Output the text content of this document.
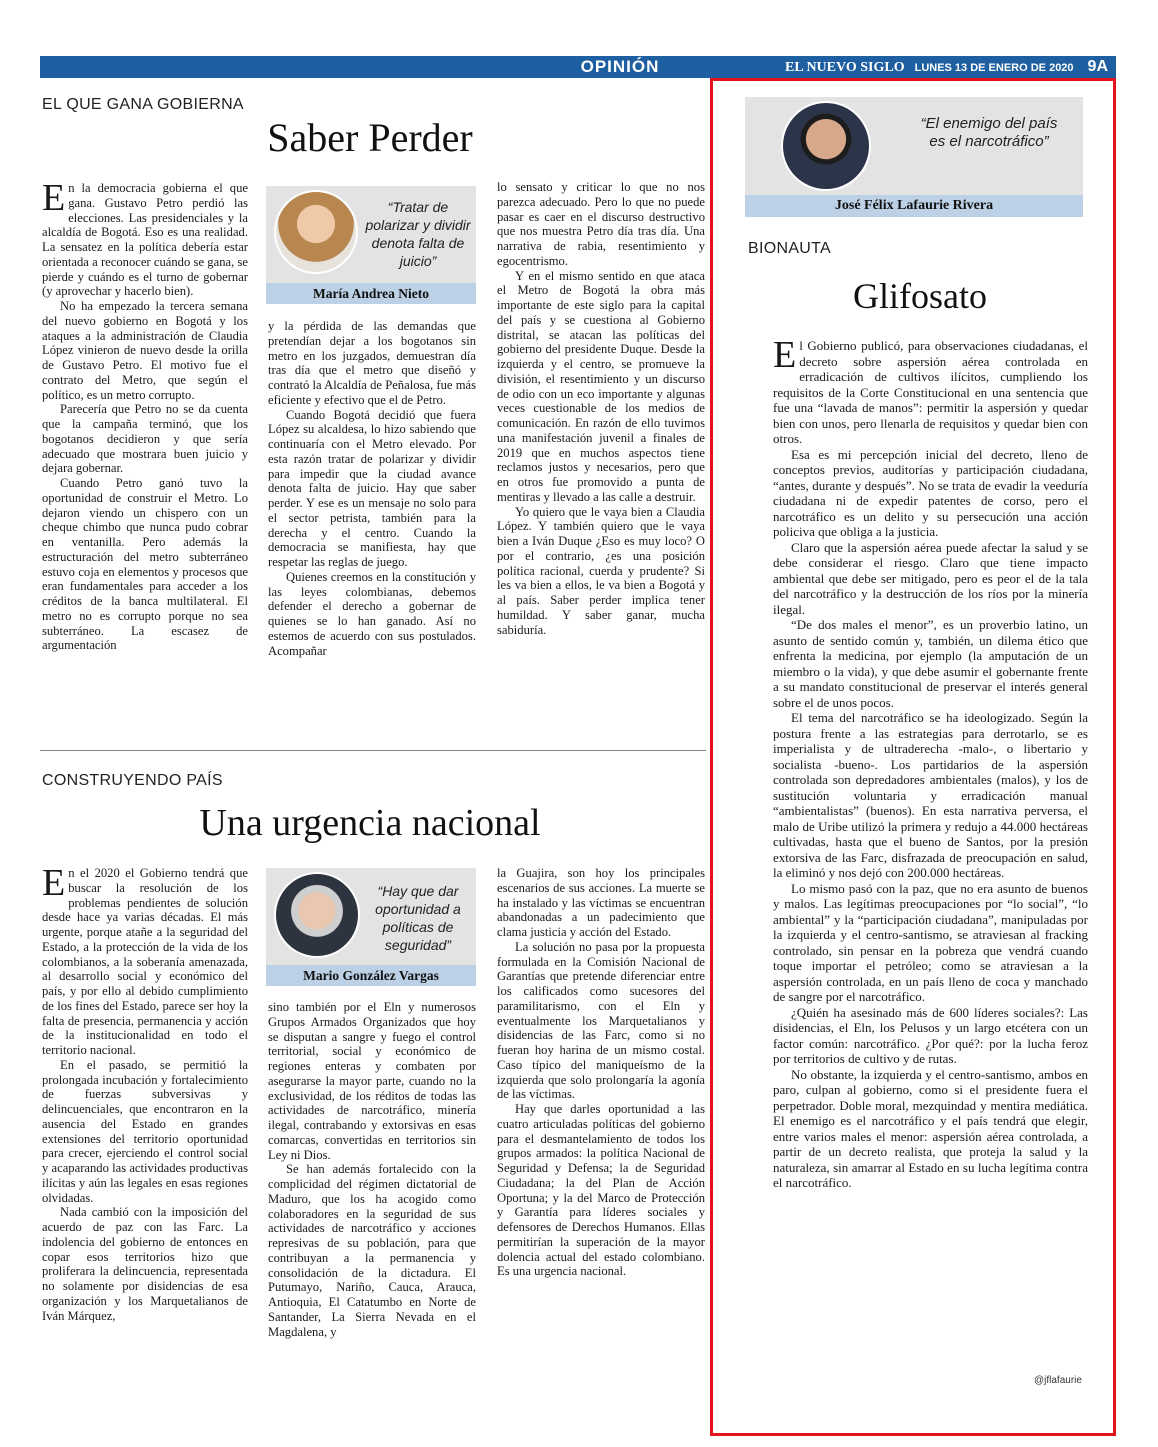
OPINIÓN	EL NUEVO SIGLO LUNES 13 DE ENERO DE 2020 9A
EL QUE GANA GOBIERNA
Saber Perder
E n la democracia gobierna el que gana. Gustavo Petro perdió las elecciones. Las presidenciales y la alcaldía de Bogotá. Eso es una realidad. La sensatez en la política debería estar orientada a reconocer cuándo se gana, se pierde y cuándo es el turno de gobernar (y aprovechar y hacerlo bien).

No ha empezado la tercera semana del nuevo gobierno en Bogotá y los ataques a la administración de Claudia López vinieron de nuevo desde la orilla de Gustavo Petro. El motivo fue el contrato del Metro, que según el político, es un metro corrupto.

Parecería que Petro no se da cuenta que la campaña terminó, que los bogotanos decidieron y que sería adecuado que mostrara buen juicio y dejara gobernar.

Cuando Petro ganó tuvo la oportunidad de construir el Metro. Lo dejaron viendo un chispero con un cheque chimbo que nunca pudo cobrar en ventanilla. Pero además la estructuración del metro subterráneo estuvo coja en elementos y procesos que eran fundamentales para acceder a los créditos de la banca multilateral. El metro no es corrupto porque no sea subterráneo. La escasez de argumentación

“Tratar de polarizar y dividir denota falta de juicio”
María Andrea Nieto

y la pérdida de las demandas que pretendían dejar a los bogotanos sin metro en los juzgados, demuestran día tras día que el metro que diseñó y contrató la Alcaldía de Peñalosa, fue más eficiente y efectivo que el de Petro.

Cuando Bogotá decidió que fuera López su alcaldesa, lo hizo sabiendo que continuaría con el Metro elevado. Por esta razón tratar de polarizar y dividir para impedir que la ciudad avance denota falta de juicio. Hay que saber perder. Y ese es un mensaje no solo para el sector petrista, también para la derecha y el centro. Cuando la democracia se manifiesta, hay que respetar las reglas de juego.

Quienes creemos en la constitución y las leyes colombianas, debemos defender el derecho a gobernar de quienes se lo han ganado. Así no estemos de acuerdo con sus postulados. Acompañar

lo sensato y criticar lo que no nos parezca adecuado. Pero lo que no puede pasar es caer en el discurso destructivo que nos muestra Petro día tras día. Una narrativa de rabia, resentimiento y egocentrismo.

Y en el mismo sentido en que ataca el Metro de Bogotá la obra más importante de este siglo para la capital del país y se cuestiona al Gobierno distrital, se atacan las políticas del gobierno del presidente Duque. Desde la izquierda y el centro, se promueve la división, el resentimiento y un discurso de odio con un eco importante y algunas veces cuestionable de los medios de comunicación. En razón de ello tuvimos una manifestación juvenil a finales de 2019 que en muchos aspectos tiene reclamos justos y necesarios, pero que en otros fue promovido a punta de mentiras y llevado a las calle a destruir.

Yo quiero que le vaya bien a Claudia López. Y también quiero que le vaya bien a Iván Duque ¿Eso es muy loco? O por el contrario, ¿es una posición política racional, cuerda y prudente? Si les va bien a ellos, le va bien a Bogotá y al país. Saber perder implica tener humildad. Y saber ganar, mucha sabiduría.

CONSTRUYENDO PAÍS
Una urgencia nacional
E n el 2020 el Gobierno tendrá que buscar la resolución de los problemas pendientes de solución desde hace ya varias décadas. El más urgente, porque atañe a la seguridad del Estado, a la protección de la vida de los colombianos, a la soberanía amenazada, al desarrollo social y económico del país, y por ello al debido cumplimiento de los fines del Estado, parece ser hoy la falta de presencia, permanencia y acción de la institucionalidad en todo el territorio nacional.

En el pasado, se permitió la prolongada incubación y fortalecimiento de fuerzas subversivas y delincuenciales, que encontraron en la ausencia del Estado en grandes extensiones del territorio oportunidad para crecer, ejerciendo el control social y acaparando las actividades productivas ilícitas y aún las legales en esas regiones olvidadas.

Nada cambió con la imposición del acuerdo de paz con las Farc. La indolencia del gobierno de entonces en copar esos territorios hizo que proliferara la delincuencia, representada no solamente por disidencias de esa organización y los Marquetalianos de Iván Márquez,

“Hay que dar oportunidad a políticas de seguridad”
Mario González Vargas

sino también por el Eln y numerosos Grupos Armados Organizados que hoy se disputan a sangre y fuego el control territorial, social y económico de regiones enteras y combaten por asegurarse la mayor parte, cuando no la exclusividad, de los réditos de todas las actividades de narcotráfico, minería ilegal, contrabando y extorsivas en esas comarcas, convertidas en territorios sin Ley ni Dios.

Se han además fortalecido con la complicidad del régimen dictatorial de Maduro, que los ha acogido como colaboradores en la seguridad de sus actividades de narcotráfico y acciones represivas de su población, para que contribuyan a la permanencia y consolidación de la dictadura. El Putumayo, Nariño, Cauca, Arauca, Antioquia, El Catatumbo en Norte de Santander, La Sierra Nevada en el Magdalena, y

la Guajira, son hoy los principales escenarios de sus acciones. La muerte se ha instalado y las víctimas se encuentran abandonadas a un padecimiento que clama justicia y acción del Estado.

La solución no pasa por la propuesta formulada en la Comisión Nacional de Garantías que pretende diferenciar entre los calificados como sucesores del paramilitarismo, con el Eln y eventualmente los Marquetalianos y disidencias de las Farc, como si no fueran hoy harina de un mismo costal. Caso típico del maniqueísmo de la izquierda que solo prolongaría la agonía de las víctimas.

Hay que darles oportunidad a las cuatro articuladas políticas del gobierno para el desmantelamiento de todos los grupos armados: la política Nacional de Seguridad y Defensa; la de Seguridad Ciudadana; la del Plan de Acción Oportuna; y la del Marco de Protección y Garantía para líderes sociales y defensores de Derechos Humanos. Ellas permitirían la superación de la mayor dolencia actual del estado colombiano. Es una urgencia nacional.

“El enemigo del país es el narcotráfico”
José Félix Lafaurie Rivera
BIONAUTA
Glifosato
E l Gobierno publicó, para observaciones ciudadanas, el decreto sobre aspersión aérea controlada en erradicación de cultivos ilícitos, cumpliendo los requisitos de la Corte Constitucional en una sentencia que fue una “lavada de manos”: permitir la aspersión y quedar bien con unos, pero llenarla de requisitos y quedar bien con otros.

Esa es mi percepción inicial del decreto, lleno de conceptos previos, auditorías y participación ciudadana, “antes, durante y después”. No se trata de evadir la veeduría ciudadana ni de expedir patentes de corso, pero el narcotráfico es un delito y su persecución una acción policiva que obliga a la justicia.

Claro que la aspersión aérea puede afectar la salud y se debe considerar el riesgo. Claro que tiene impacto ambiental que debe ser mitigado, pero es peor el de la tala del narcotráfico y la destrucción de los ríos por la minería ilegal.

“De dos males el menor”, es un proverbio latino, un asunto de sentido común y, también, un dilema ético que enfrenta la medicina, por ejemplo (la amputación de un miembro o la vida), y que debe asumir el gobernante frente a su mandato constitucional de preservar el interés general sobre el de unos pocos.

El tema del narcotráfico se ha ideologizado. Según la postura frente a las estrategias para derrotarlo, se es imperialista y de ultraderecha -malo-, o libertario y socialista -bueno-. Los partidarios de la aspersión controlada son depredadores ambientales (malos), y los de sustitución voluntaria y erradicación manual “ambientalistas” (buenos). En esta narrativa perversa, el malo de Uribe utilizó la primera y redujo a 44.000 hectáreas cultivadas, hasta que el bueno de Santos, por la presión extorsiva de las Farc, disfrazada de preocupación en salud, la eliminó y nos dejó con 200.000 hectáreas.

Lo mismo pasó con la paz, que no era asunto de buenos y malos. Las legítimas preocupaciones por “lo social”, “lo ambiental” y la “participación ciudadana”, manipuladas por la izquierda y el centro-santismo, se atraviesan al fracking controlado, sin pensar en la pobreza que vendrá cuando toque importar el petróleo; como se atraviesan a la aspersión controlada, en un país lleno de coca y manchado de sangre por el narcotráfico.

¿Quién ha asesinado más de 600 líderes sociales?: Las disidencias, el Eln, los Pelusos y un largo etcétera con un factor común: narcotráfico. ¿Por qué?: por la lucha feroz por territorios de cultivo y de rutas.

No obstante, la izquierda y el centro-santismo, ambos en paro, culpan al gobierno, como si el presidente fuera el perpetrador. Doble moral, mezquindad y mentira mediática. El enemigo es el narcotráfico y el país tendrá que elegir, entre varios males el menor: aspersión aérea controlada, a partir de un decreto realista, que proteja la salud y la naturaleza, sin amarrar al Estado en su lucha legítima contra el narcotráfico.

@jflafaurie
